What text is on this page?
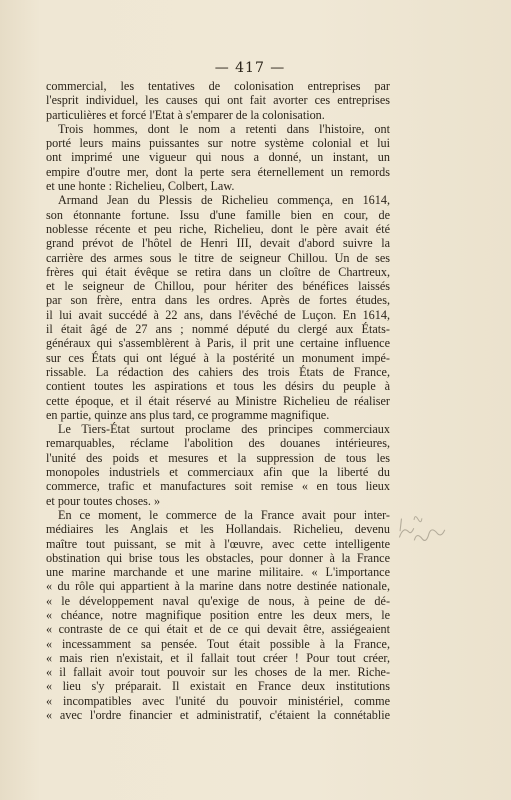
— 417 —
commercial, les tentatives de colonisation entreprises par
l'esprit individuel, les causes qui ont fait avorter ces entreprises
particulières et forcé l'Etat à s'emparer de la colonisation.
Trois hommes, dont le nom a retenti dans l'histoire, ont
porté leurs mains puissantes sur notre système colonial et lui
ont imprimé une vigueur qui nous a donné, un instant, un
empire d'outre mer, dont la perte sera éternellement un remords
et une honte : Richelieu, Colbert, Law.
Armand Jean du Plessis de Richelieu commença, en 1614,
son étonnante fortune. Issu d'une famille bien en cour, de
noblesse récente et peu riche, Richelieu, dont le père avait été
grand prévot de l'hôtel de Henri III, devait d'abord suivre la
carrière des armes sous le titre de seigneur Chillou. Un de ses
frères qui était évêque se retira dans un cloître de Chartreux,
et le seigneur de Chillou, pour hériter des bénéfices laissés
par son frère, entra dans les ordres. Après de fortes études,
il lui avait succédé à 22 ans, dans l'évêché de Luçon. En 1614,
il était âgé de 27 ans ; nommé député du clergé aux États-
généraux qui s'assemblèrent à Paris, il prit une certaine influence
sur ces États qui ont légué à la postérité un monument impé-
rissable. La rédaction des cahiers des trois États de France,
contient toutes les aspirations et tous les désirs du peuple à
cette époque, et il était réservé au Ministre Richelieu de réaliser
en partie, quinze ans plus tard, ce programme magnifique.
Le Tiers-État surtout proclame des principes commerciaux
remarquables, réclame l'abolition des douanes intérieures,
l'unité des poids et mesures et la suppression de tous les
monopoles industriels et commerciaux afin que la liberté du
commerce, trafic et manufactures soit remise « en tous lieux
et pour toutes choses. »
En ce moment, le commerce de la France avait pour inter-
médiaires les Anglais et les Hollandais. Richelieu, devenu
maître tout puissant, se mit à l'œuvre, avec cette intelligente
obstination qui brise tous les obstacles, pour donner à la France
une marine marchande et une marine militaire. « L'importance
« du rôle qui appartient à la marine dans notre destinée nationale,
« le développement naval qu'exige de nous, à peine de dé-
« chéance, notre magnifique position entre les deux mers, le
« contraste de ce qui était et de ce qui devait être, assiégeaient
« incessamment sa pensée. Tout était possible à la France,
« mais rien n'existait, et il fallait tout créer ! Pour tout créer,
« il fallait avoir tout pouvoir sur les choses de la mer. Riche-
« lieu s'y préparait. Il existait en France deux institutions
« incompatibles avec l'unité du pouvoir ministériel, comme
« avec l'ordre financier et administratif, c'étaient la connétablie
